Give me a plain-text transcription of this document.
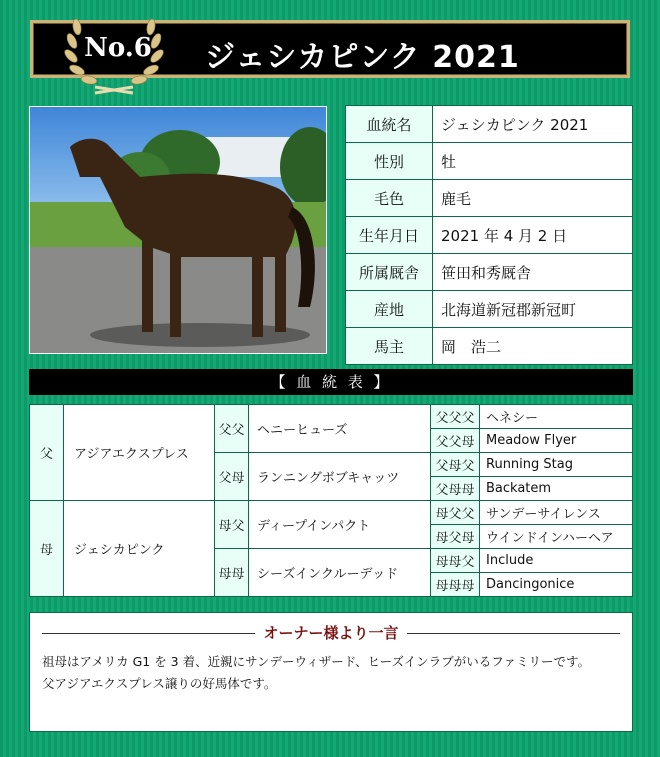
No.6 ジェシカピンク 2021
血統名	ジェシカピンク 2021
性別	牡
毛色	鹿毛
生年月日	2021 年 4 月 2 日
所属厩舎	笹田和秀厩舎
産地	北海道新冠郡新冠町
馬主	岡　浩二
【 血 統 表 】
父	アジアエクスプレス	父父	ヘニーヒューズ	父父父	ヘネシー
				父父母	Meadow Flyer
		父母	ランニングボブキャッツ	父母父	Running Stag
				父母母	Backatem
母	ジェシカピンク	母父	ディープインパクト	母父父	サンデーサイレンス
				母父母	ウインドインハーヘア
		母母	シーズインクルーデッド	母母父	Include
				母母母	Dancingonice
オーナー様より一言
祖母はアメリカ G1 を 3 着、近親にサンデーウィザード、ヒーズインラブがいるファミリーです。
父アジアエクスプレス譲りの好馬体です。
